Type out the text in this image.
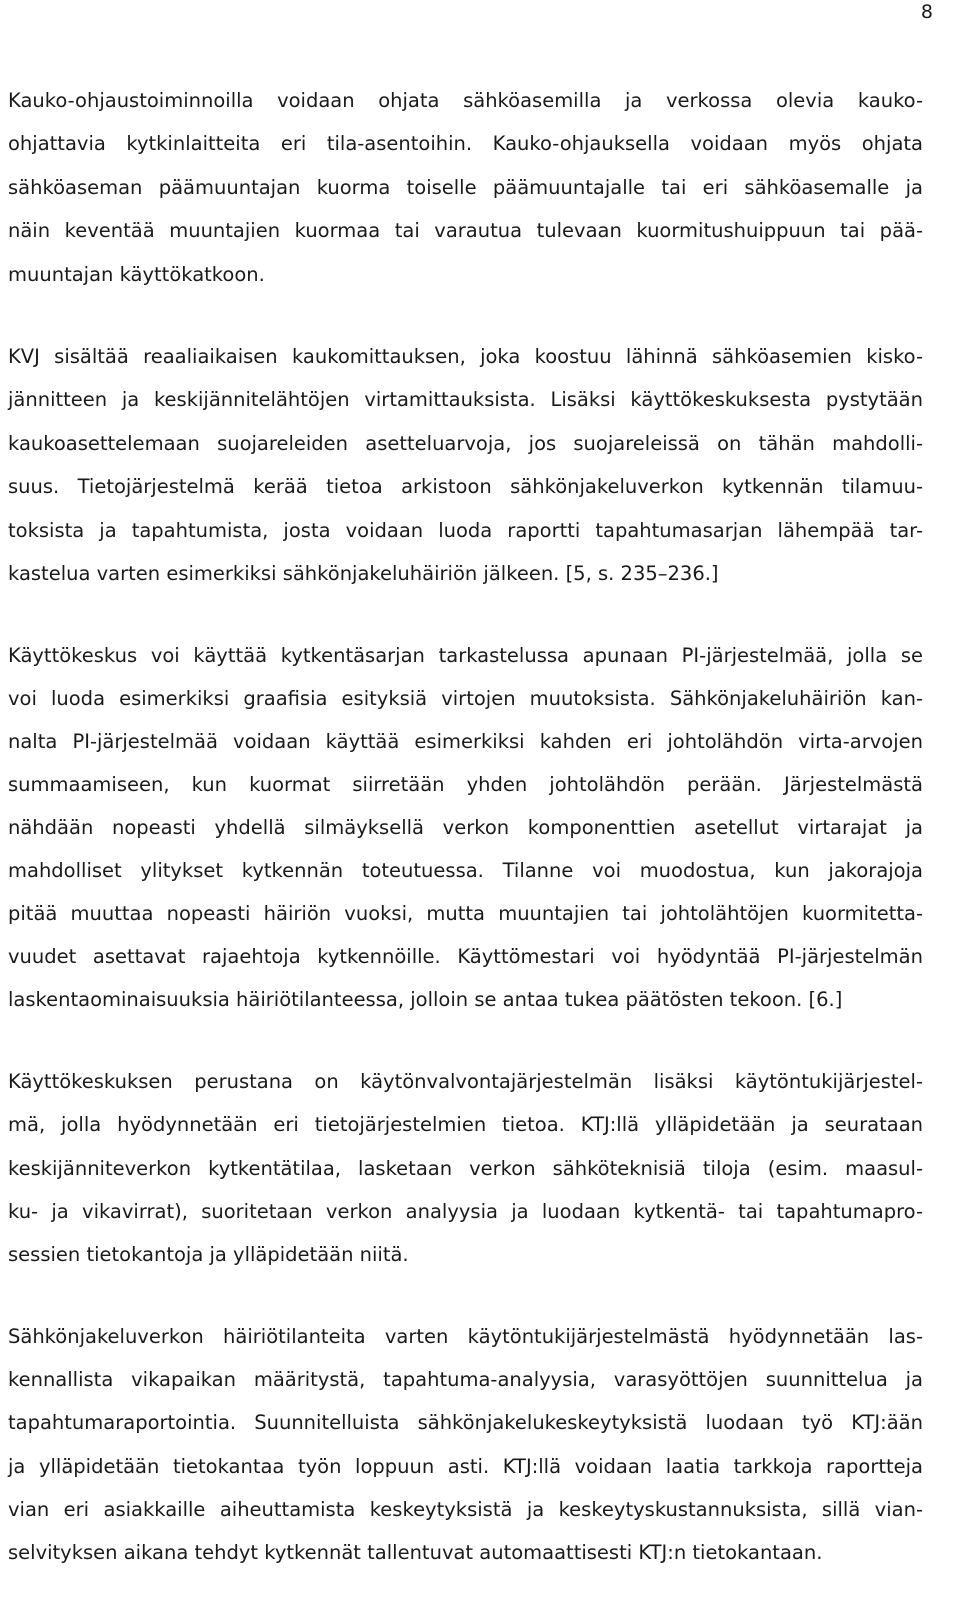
8
Kauko-ohjaustoiminnoilla voidaan ohjata sähköasemilla ja verkossa olevia kauko-
ohjattavia kytkinlaitteita eri tila-asentoihin. Kauko-ohjauksella voidaan myös ohjata
sähköaseman päämuuntajan kuorma toiselle päämuuntajalle tai eri sähköasemalle ja
näin keventää muuntajien kuormaa tai varautua tulevaan kuormitushuippuun tai pää-
muuntajan käyttökatkoon.
KVJ sisältää reaaliaikaisen kaukomittauksen, joka koostuu lähinnä sähköasemien kisko-
jännitteen ja keskijännitelähtöjen virtamittauksista. Lisäksi käyttökeskuksesta pystytään
kaukoasettelemaan suojareleiden asetteluarvoja, jos suojareleissä on tähän mahdolli-
suus. Tietojärjestelmä kerää tietoa arkistoon sähkönjakeluverkon kytkennän tilamuu-
toksista ja tapahtumista, josta voidaan luoda raportti tapahtumasarjan lähempää tar-
kastelua varten esimerkiksi sähkönjakeluhäiriön jälkeen. [5, s. 235–236.]
Käyttökeskus voi käyttää kytkentäsarjan tarkastelussa apunaan PI-järjestelmää, jolla se
voi luoda esimerkiksi graafisia esityksiä virtojen muutoksista. Sähkönjakeluhäiriön kan-
nalta PI-järjestelmää voidaan käyttää esimerkiksi kahden eri johtolähdön virta-arvojen
summaamiseen, kun kuormat siirretään yhden johtolähdön perään. Järjestelmästä
nähdään nopeasti yhdellä silmäyksellä verkon komponenttien asetellut virtarajat ja
mahdolliset ylitykset kytkennän toteutuessa. Tilanne voi muodostua, kun jakorajoja
pitää muuttaa nopeasti häiriön vuoksi, mutta muuntajien tai johtolähtöjen kuormitetta-
vuudet asettavat rajaehtoja kytkennöille. Käyttömestari voi hyödyntää PI-järjestelmän
laskentaominaisuuksia häiriötilanteessa, jolloin se antaa tukea päätösten tekoon. [6.]
Käyttökeskuksen perustana on käytönvalvontajärjestelmän lisäksi käytöntukijärjestel-
mä, jolla hyödynnetään eri tietojärjestelmien tietoa. KTJ:llä ylläpidetään ja seurataan
keskijänniteverkon kytkentätilaa, lasketaan verkon sähköteknisiä tiloja (esim. maasul-
ku- ja vikavirrat), suoritetaan verkon analyysia ja luodaan kytkentä- tai tapahtumapro-
sessien tietokantoja ja ylläpidetään niitä.
Sähkönjakeluverkon häiriötilanteita varten käytöntukijärjestelmästä hyödynnetään las-
kennallista vikapaikan määritystä, tapahtuma-analyysia, varasyöttöjen suunnittelua ja
tapahtumaraportointia. Suunnitelluista sähkönjakelukeskeytyksistä luodaan työ KTJ:ään
ja ylläpidetään tietokantaa työn loppuun asti. KTJ:llä voidaan laatia tarkkoja raportteja
vian eri asiakkaille aiheuttamista keskeytyksistä ja keskeytyskustannuksista, sillä vian-
selvityksen aikana tehdyt kytkennät tallentuvat automaattisesti KTJ:n tietokantaan.
